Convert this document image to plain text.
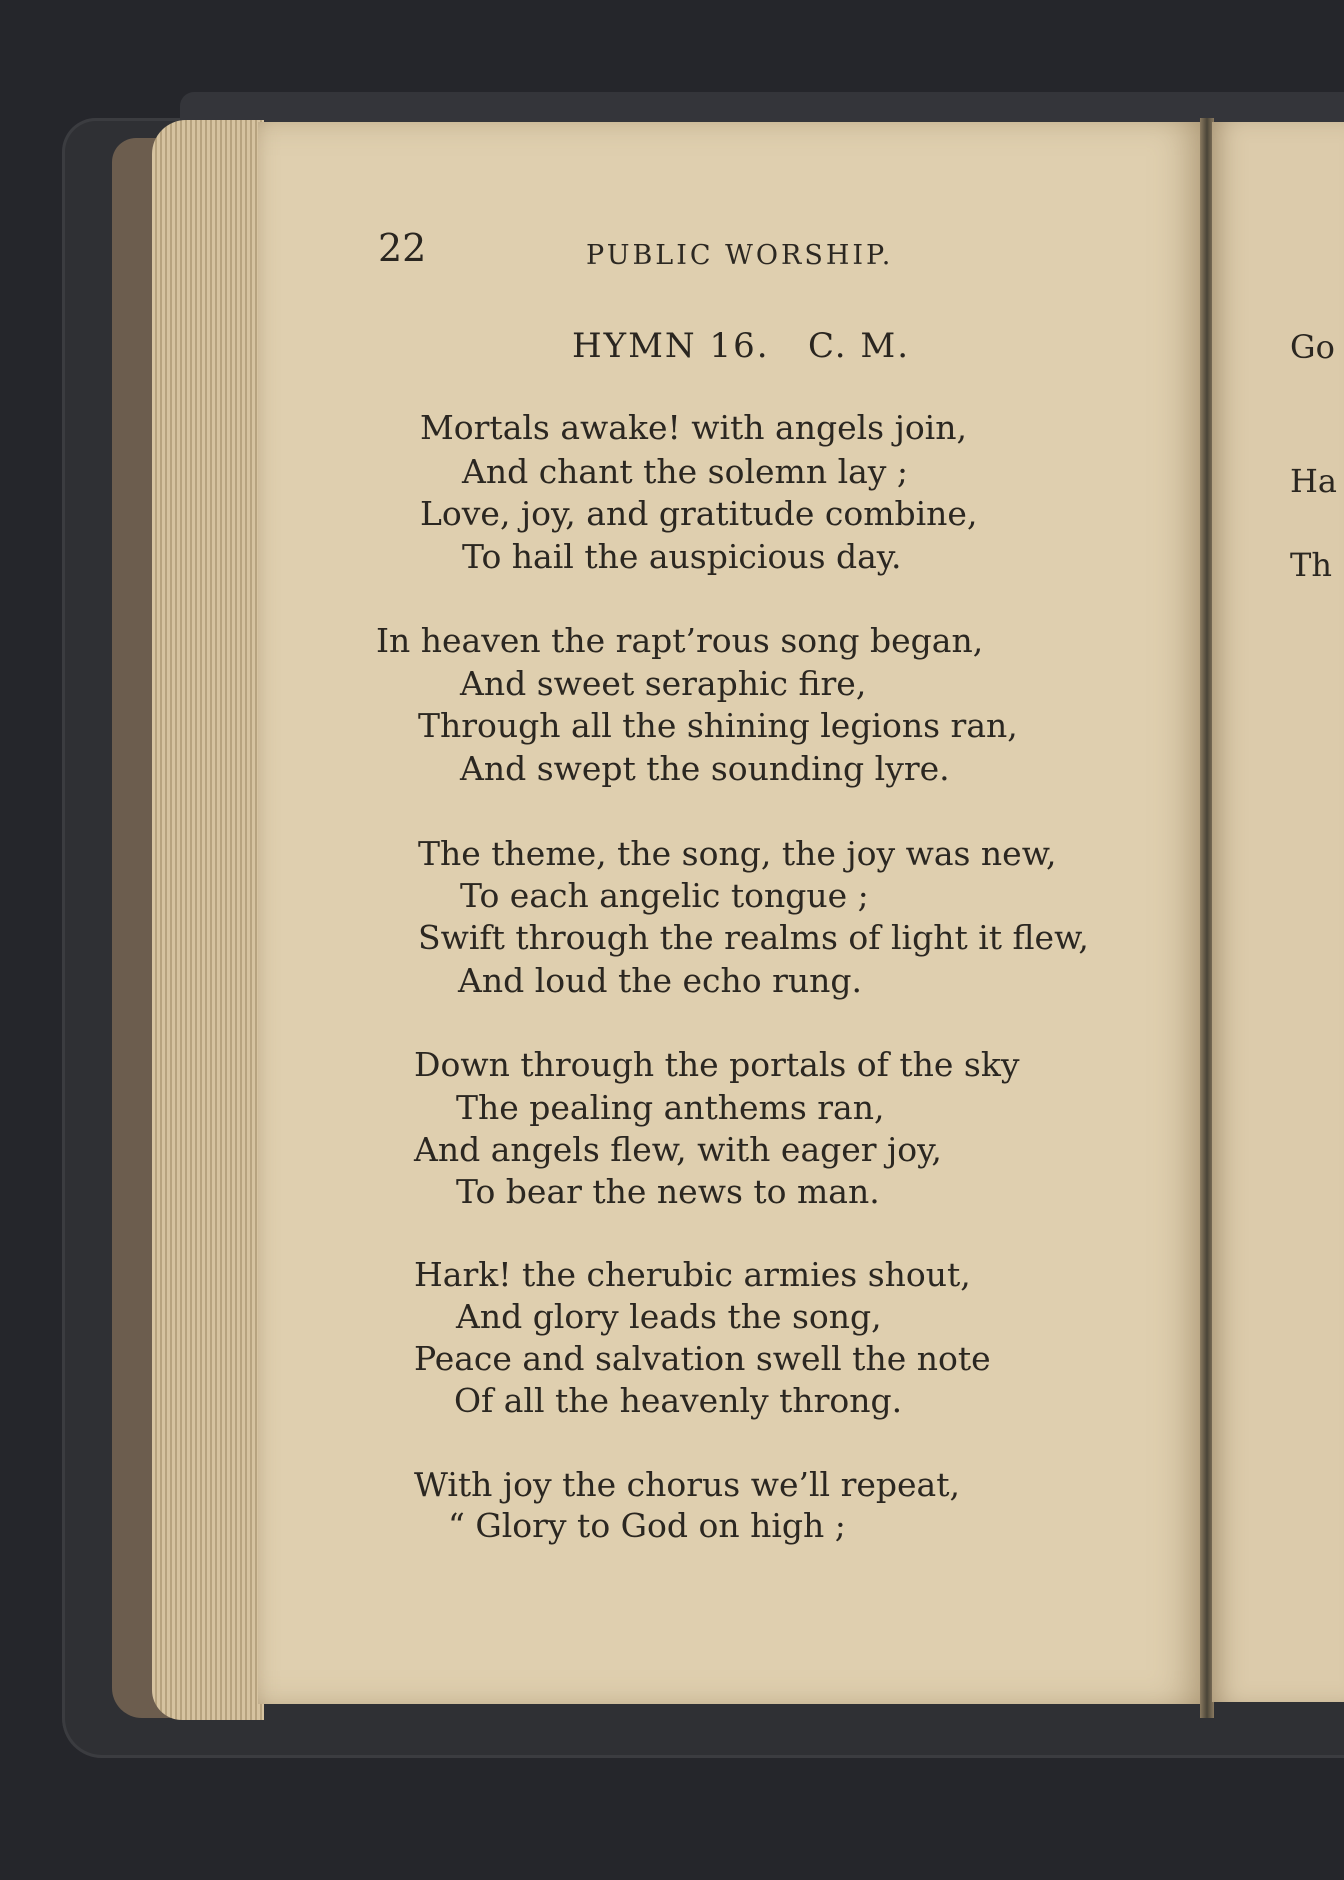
22	PUBLIC WORSHIP.
HYMN 16.   C. M.
Mortals awake! with angels join,
And chant the solemn lay ;
Love, joy, and gratitude combine,
To hail the auspicious day.
In heaven the rapt’rous song began,
And sweet seraphic fire,
Through all the shining legions ran,
And swept the sounding lyre.
The theme, the song, the joy was new,
To each angelic tongue ;
Swift through the realms of light it flew,
And loud the echo rung.
Down through the portals of the sky
The pealing anthems ran,
And angels flew, with eager joy,
To bear the news to man.
Hark! the cherubic armies shout,
And glory leads the song,
Peace and salvation swell the note
Of all the heavenly throng.
With joy the chorus we’ll repeat,
“ Glory to God on high ;
Go
Ha
Th
